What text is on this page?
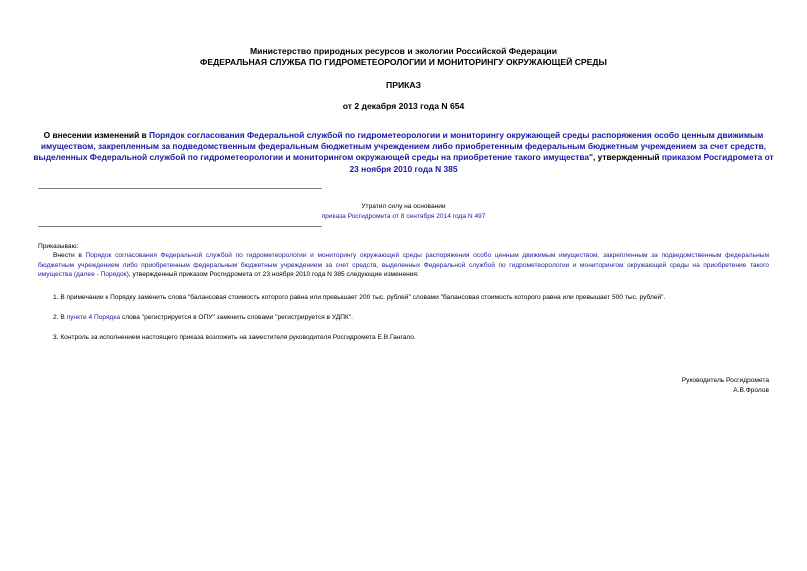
Министерство природных ресурсов и экологии Российской Федерации
ФЕДЕРАЛЬНАЯ СЛУЖБА ПО ГИДРОМЕТЕОРОЛОГИИ И МОНИТОРИНГУ ОКРУЖАЮЩЕЙ СРЕДЫ
ПРИКАЗ
от 2 декабря 2013 года N 654
О внесении изменений в Порядок согласования Федеральной службой по гидрометеорологии и мониторингу окружающей среды распоряжения особо ценным движимым имуществом, закрепленным за подведомственным федеральным бюджетным учреждением либо приобретенным федеральным бюджетным учреждением за счет средств, выделенных Федеральной службой по гидрометеорологии и мониторингом окружающей среды на приобретение такого имущества", утвержденный приказом Росгидромета от 23 ноября 2010 года N 385
Утратил силу на основании
приказа Росгидромета от 8 сентября 2014 года N 497
Приказываю:
Внести в Порядок согласования Федеральной службой по гидрометеорологии и мониторингу окружающей среды распоряжения особо ценным движимым имуществом, закрепленным за подведомственным федеральным бюджетным учреждением либо приобретенным федеральным бюджетным учреждением за счет средств, выделенных Федеральной службой по гидрометеорологии и мониторингом окружающей среды на приобретение такого имущества (далее - Порядок), утвержденный приказом Росгидромета от 23 ноября 2010 года N 385 следующие изменения:
1. В примечании к Порядку заменить слова "балансовая стоимость которого равна или превышает 200 тыс. рублей" словами "балансовая стоимость которого равна или превышает 500 тыс. рублей".
2. В пункте 4 Порядка слова "регистрируется в ОПУ" заменить словами "регистрируется в УДПК".
3. Контроль за исполнением настоящего приказа возложить на заместителя руководителя Росгидромета Е.В.Гангало.
Руководитель Росгидромета
А.В.Фролов
